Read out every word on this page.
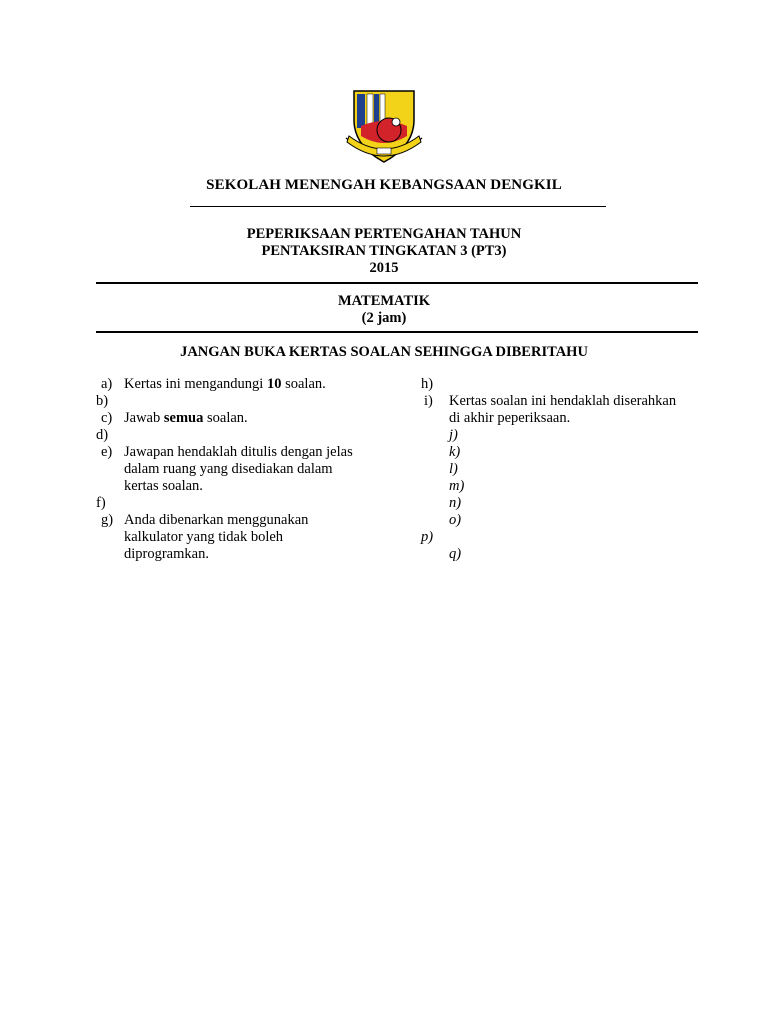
SEKOLAH MENENGAH KEBANGSAAN DENGKIL
PEPERIKSAAN PERTENGAHAN TAHUN
PENTAKSIRAN TINGKATAN 3 (PT3)
2015
MATEMATIK
(2 jam)
JANGAN BUKA KERTAS SOALAN SEHINGGA DIBERITAHU
a) Kertas ini mengandungi 10 soalan.
b)
c) Jawab semua soalan.
d)
e) Jawapan hendaklah ditulis dengan jelas
dalam ruang yang disediakan dalam
kertas soalan.
f)
g) Anda dibenarkan menggunakan
kalkulator yang tidak boleh
diprogramkan.
h)
i) Kertas soalan ini hendaklah diserahkan
di akhir peperiksaan.
j)
k)
l)
m)
n)
o)
p)
q)
